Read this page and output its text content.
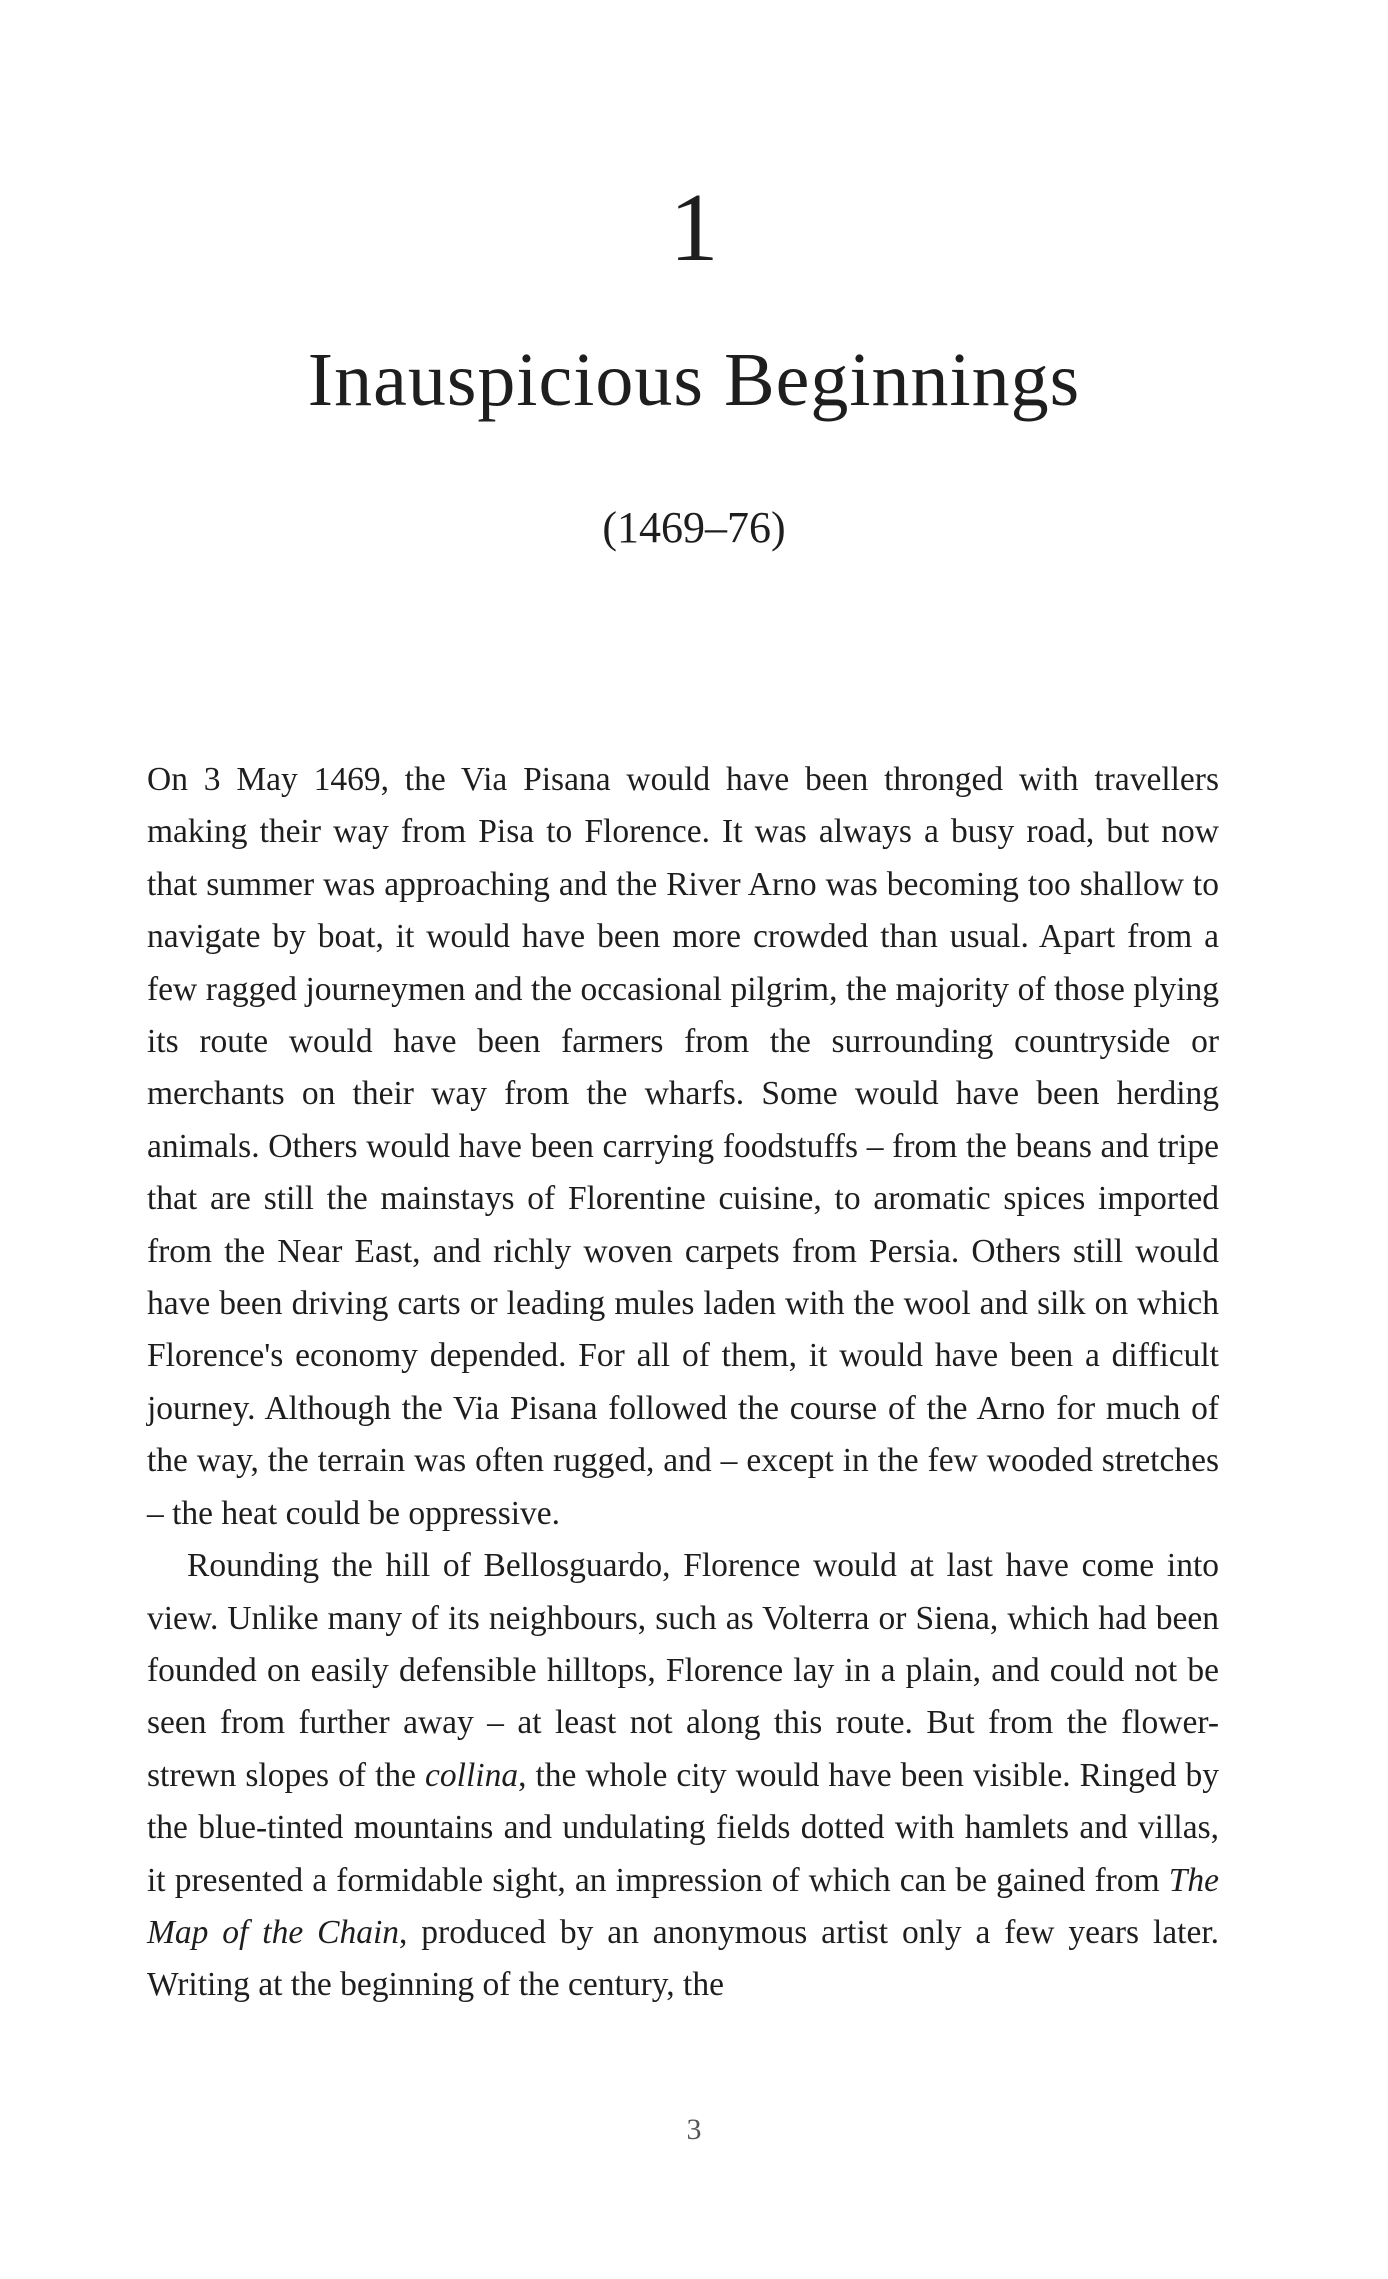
1
Inauspicious Beginnings
(1469–76)

On 3 May 1469, the Via Pisana would have been thronged with travellers making their way from Pisa to Florence. It was always a busy road, but now that summer was approaching and the River Arno was becoming too shallow to navigate by boat, it would have been more crowded than usual. Apart from a few ragged journeymen and the occasional pilgrim, the majority of those plying its route would have been farmers from the surrounding countryside or merchants on their way from the wharfs. Some would have been herding animals. Others would have been carrying foodstuffs – from the beans and tripe that are still the mainstays of Florentine cuisine, to aromatic spices imported from the Near East, and richly woven carpets from Persia. Others still would have been driving carts or leading mules laden with the wool and silk on which Florence's economy depended. For all of them, it would have been a difficult journey. Although the Via Pisana followed the course of the Arno for much of the way, the terrain was often rugged, and – except in the few wooded stretches – the heat could be oppressive.

Rounding the hill of Bellosguardo, Florence would at last have come into view. Unlike many of its neighbours, such as Volterra or Siena, which had been founded on easily defensible hilltops, Florence lay in a plain, and could not be seen from further away – at least not along this route. But from the flower-strewn slopes of the collina, the whole city would have been visible. Ringed by the blue-tinted mountains and undulating fields dotted with hamlets and villas, it presented a formidable sight, an impression of which can be gained from The Map of the Chain, produced by an anonymous artist only a few years later. Writing at the beginning of the century, the

3
